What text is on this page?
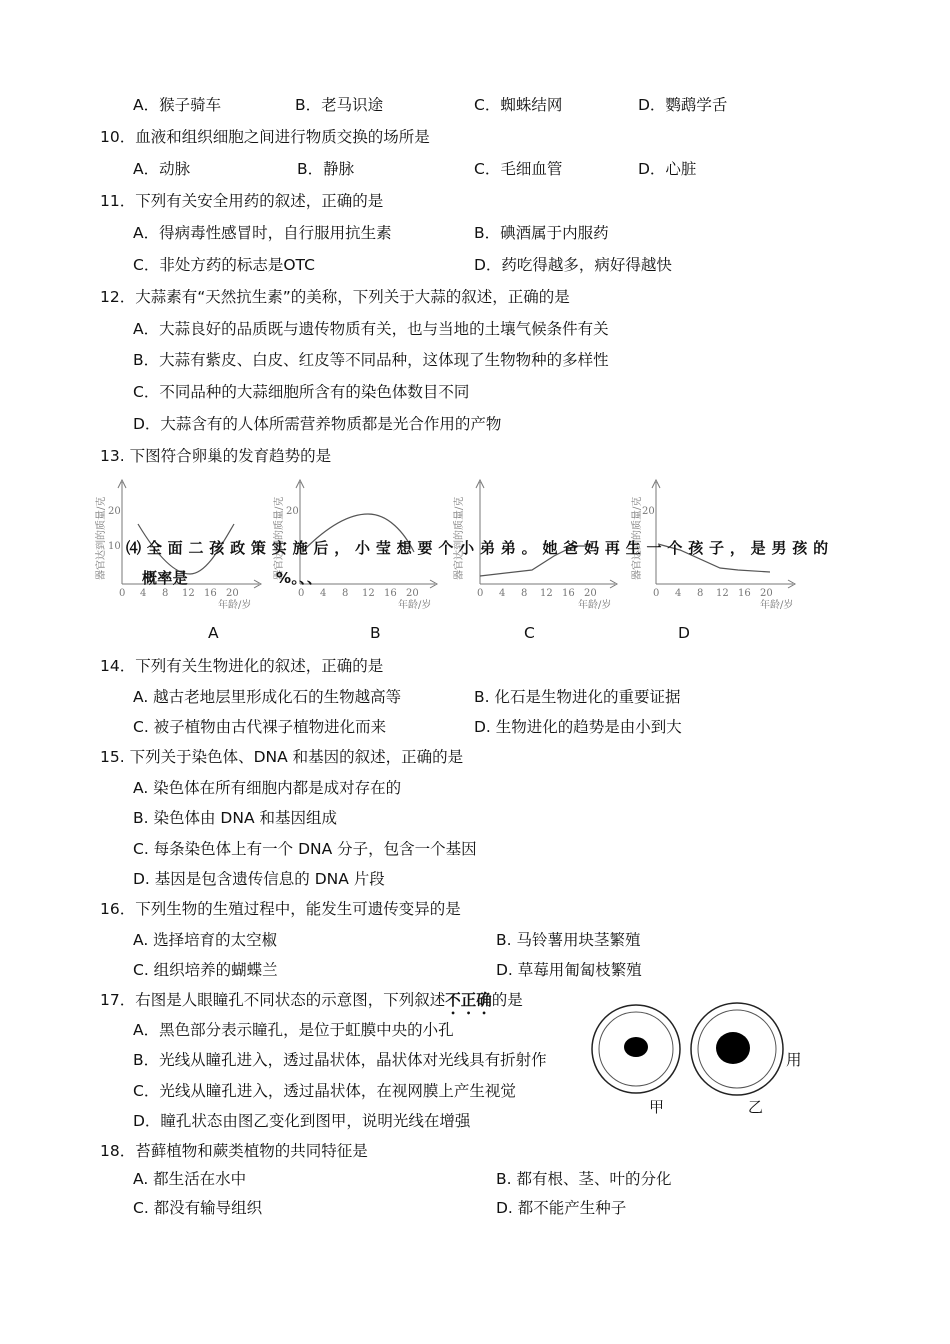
A．猴子骑车	B．老马识途	C．蜘蛛结网	D．鹦鹉学舌
10．血液和组织细胞之间进行物质交换的场所是
A．动脉	B．静脉	C．毛细血管	D．心脏
11．下列有关安全用药的叙述，正确的是
A．得病毒性感冒时，自行服用抗生素	B．碘酒属于内服药
C．非处方药的标志是OTC	D．药吃得越多，病好得越快
12．大蒜素有“天然抗生素”的美称，下列关于大蒜的叙述，正确的是
A．大蒜良好的品质既与遗传物质有关，也与当地的土壤气候条件有关
B．大蒜有紫皮、白皮、红皮等不同品种，这体现了生物物种的多样性
C．不同品种的大蒜细胞所含有的染色体数目不同
D．大蒜含有的人体所需营养物质都是光合作用的产物
13. 下图符合卵巢的发育趋势的是
20
10
0 4 8 12 16 20
年龄/岁
器官达到的质量/克	20
0 4 8 12 16 20
年龄/岁
器官达到的质量/克
0 4 8 12 16 20
年龄/岁
器官达到的质量/克	20
0 4 8 12 16 20
年龄/岁
器官达到的质量/克
⑷ 全 面 二 孩 政 策 实 施 后 ， 小 莹 想 要 个 小 弟 弟 。 她 爸 妈 再 生 一 个 孩 子 ， 是 男 孩 的
概率是	%。、、
A	B	C	D
14．下列有关生物进化的叙述，正确的是
A. 越古老地层里形成化石的生物越高等	B. 化石是生物进化的重要证据
C. 被子植物由古代裸子植物进化而来	D. 生物进化的趋势是由小到大
15. 下列关于染色体、DNA 和基因的叙述，正确的是
A. 染色体在所有细胞内都是成对存在的
B. 染色体由 DNA 和基因组成
C. 每条染色体上有一个 DNA 分子，包含一个基因
D. 基因是包含遗传信息的 DNA 片段
16．下列生物的生殖过程中，能发生可遗传变异的是
A. 选择培育的太空椒	B. 马铃薯用块茎繁殖
C. 组织培养的蝴蝶兰	D. 草莓用匍匐枝繁殖
17．右图是人眼瞳孔不同状态的示意图，下列叙述不正确的是
A．黑色部分表示瞳孔，是位于虹膜中央的小孔
B．光线从瞳孔进入，透过晶状体，晶状体对光线具有折射作	用
C．光线从瞳孔进入，透过晶状体，在视网膜上产生视觉
D．瞳孔状态由图乙变化到图甲，说明光线在增强
甲	乙
18．苔藓植物和蕨类植物的共同特征是
A. 都生活在水中	B. 都有根、茎、叶的分化
C. 都没有输导组织	D. 都不能产生种子
